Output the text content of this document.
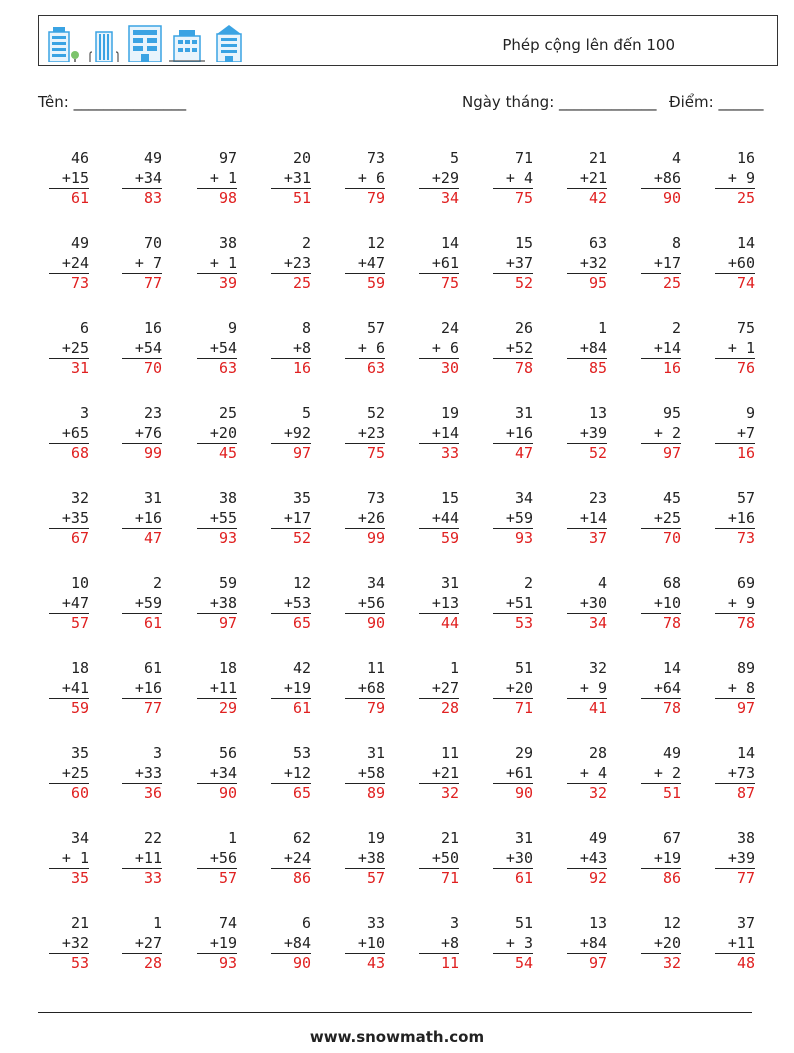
Phép cộng lên đến 100
Tên: _______________	Ngày tháng: _____________ Điểm: ______
46
+15
61
49
+34
83
97
+ 1
98
20
+31
51
73
+ 6
79
5
+29
34
71
+ 4
75
21
+21
42
4
+86
90
16
+ 9
25
49
+24
73
70
+ 7
77
38
+ 1
39
2
+23
25
12
+47
59
14
+61
75
15
+37
52
63
+32
95
8
+17
25
14
+60
74
6
+25
31
16
+54
70
9
+54
63
8
+8
16
57
+ 6
63
24
+ 6
30
26
+52
78
1
+84
85
2
+14
16
75
+ 1
76
3
+65
68
23
+76
99
25
+20
45
5
+92
97
52
+23
75
19
+14
33
31
+16
47
13
+39
52
95
+ 2
97
9
+7
16
32
+35
67
31
+16
47
38
+55
93
35
+17
52
73
+26
99
15
+44
59
34
+59
93
23
+14
37
45
+25
70
57
+16
73
10
+47
57
2
+59
61
59
+38
97
12
+53
65
34
+56
90
31
+13
44
2
+51
53
4
+30
34
68
+10
78
69
+ 9
78
18
+41
59
61
+16
77
18
+11
29
42
+19
61
11
+68
79
1
+27
28
51
+20
71
32
+ 9
41
14
+64
78
89
+ 8
97
35
+25
60
3
+33
36
56
+34
90
53
+12
65
31
+58
89
11
+21
32
29
+61
90
28
+ 4
32
49
+ 2
51
14
+73
87
34
+ 1
35
22
+11
33
1
+56
57
62
+24
86
19
+38
57
21
+50
71
31
+30
61
49
+43
92
67
+19
86
38
+39
77
21
+32
53
1
+27
28
74
+19
93
6
+84
90
33
+10
43
3
+8
11
51
+ 3
54
13
+84
97
12
+20
32
37
+11
48
www.snowmath.com
